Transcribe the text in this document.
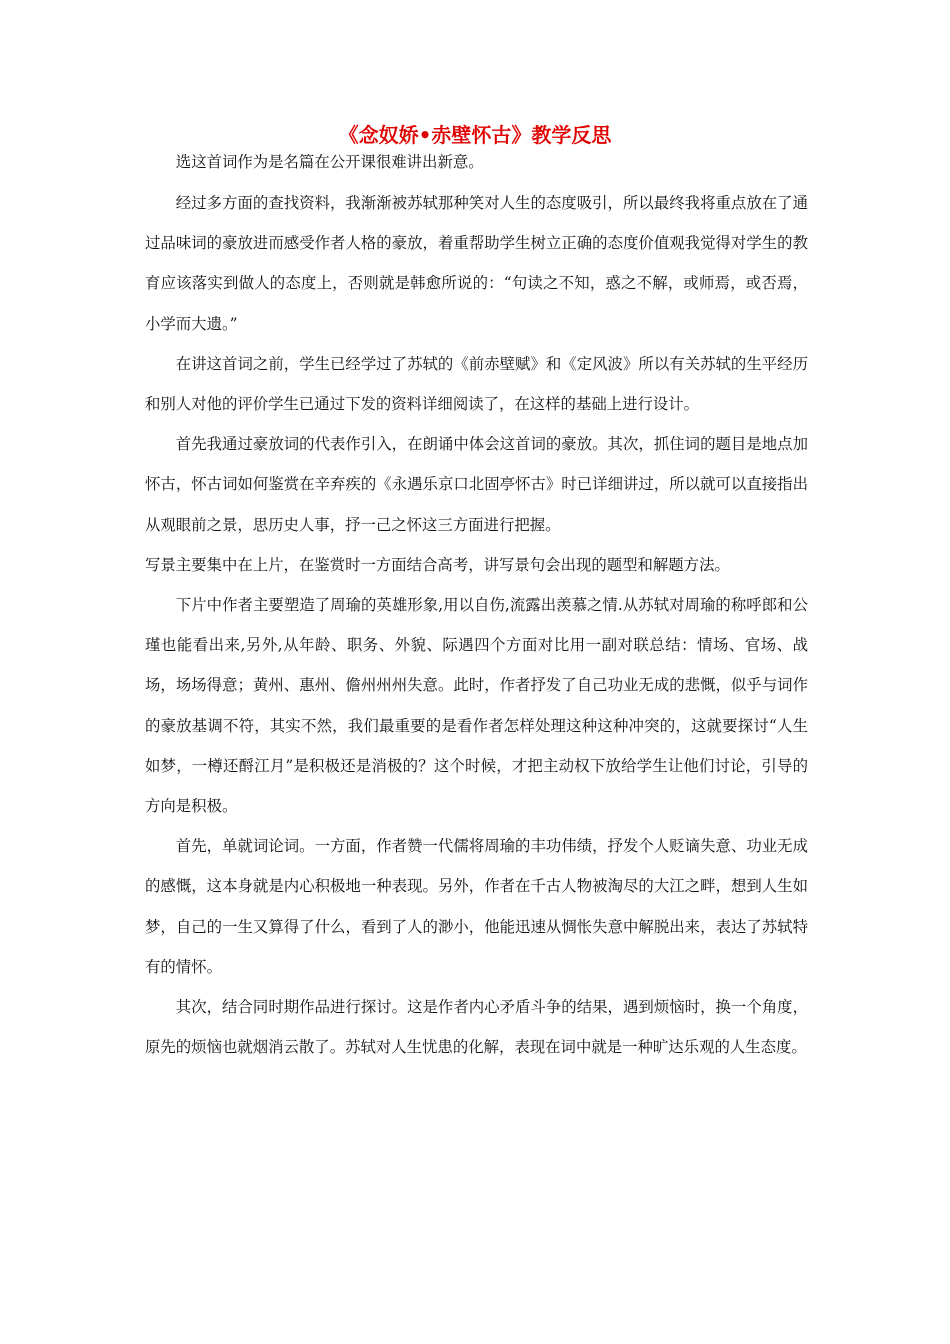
《念奴娇•赤壁怀古》教学反思

选这首词作为是名篇在公开课很难讲出新意。

经过多方面的查找资料，我渐渐被苏轼那种笑对人生的态度吸引，所以最终我将重点放在了通过品味词的豪放进而感受作者人格的豪放，着重帮助学生树立正确的态度价值观我觉得对学生的教育应该落实到做人的态度上，否则就是韩愈所说的：“句读之不知，惑之不解，或师焉，或否焉，小学而大遗。”

在讲这首词之前，学生已经学过了苏轼的《前赤壁赋》和《定风波》所以有关苏轼的生平经历和别人对他的评价学生已通过下发的资料详细阅读了，在这样的基础上进行设计。

首先我通过豪放词的代表作引入，在朗诵中体会这首词的豪放。其次，抓住词的题目是地点加怀古，怀古词如何鉴赏在辛弃疾的《永遇乐京口北固亭怀古》时已详细讲过，所以就可以直接指出从观眼前之景，思历史人事，抒一己之怀这三方面进行把握。

写景主要集中在上片，在鉴赏时一方面结合高考，讲写景句会出现的题型和解题方法。

下片中作者主要塑造了周瑜的英雄形象,用以自伤,流露出羡慕之情.从苏轼对周瑜的称呼郎和公瑾也能看出来,另外,从年龄、职务、外貌、际遇四个方面对比用一副对联总结：情场、官场、战场，场场得意；黄州、惠州、儋州州州失意。此时，作者抒发了自己功业无成的悲慨，似乎与词作的豪放基调不符，其实不然，我们最重要的是看作者怎样处理这种这种冲突的，这就要探讨“人生如梦，一樽还酹江月”是积极还是消极的？这个时候，才把主动权下放给学生让他们讨论，引导的方向是积极。

首先，单就词论词。一方面，作者赞一代儒将周瑜的丰功伟绩，抒发个人贬谪失意、功业无成的感慨，这本身就是内心积极地一种表现。另外，作者在千古人物被淘尽的大江之畔，想到人生如梦，自己的一生又算得了什么，看到了人的渺小，他能迅速从惆怅失意中解脱出来，表达了苏轼特有的情怀。

其次，结合同时期作品进行探讨。这是作者内心矛盾斗争的结果，遇到烦恼时，换一个角度，原先的烦恼也就烟消云散了。苏轼对人生忧患的化解，表现在词中就是一种旷达乐观的人生态度。
